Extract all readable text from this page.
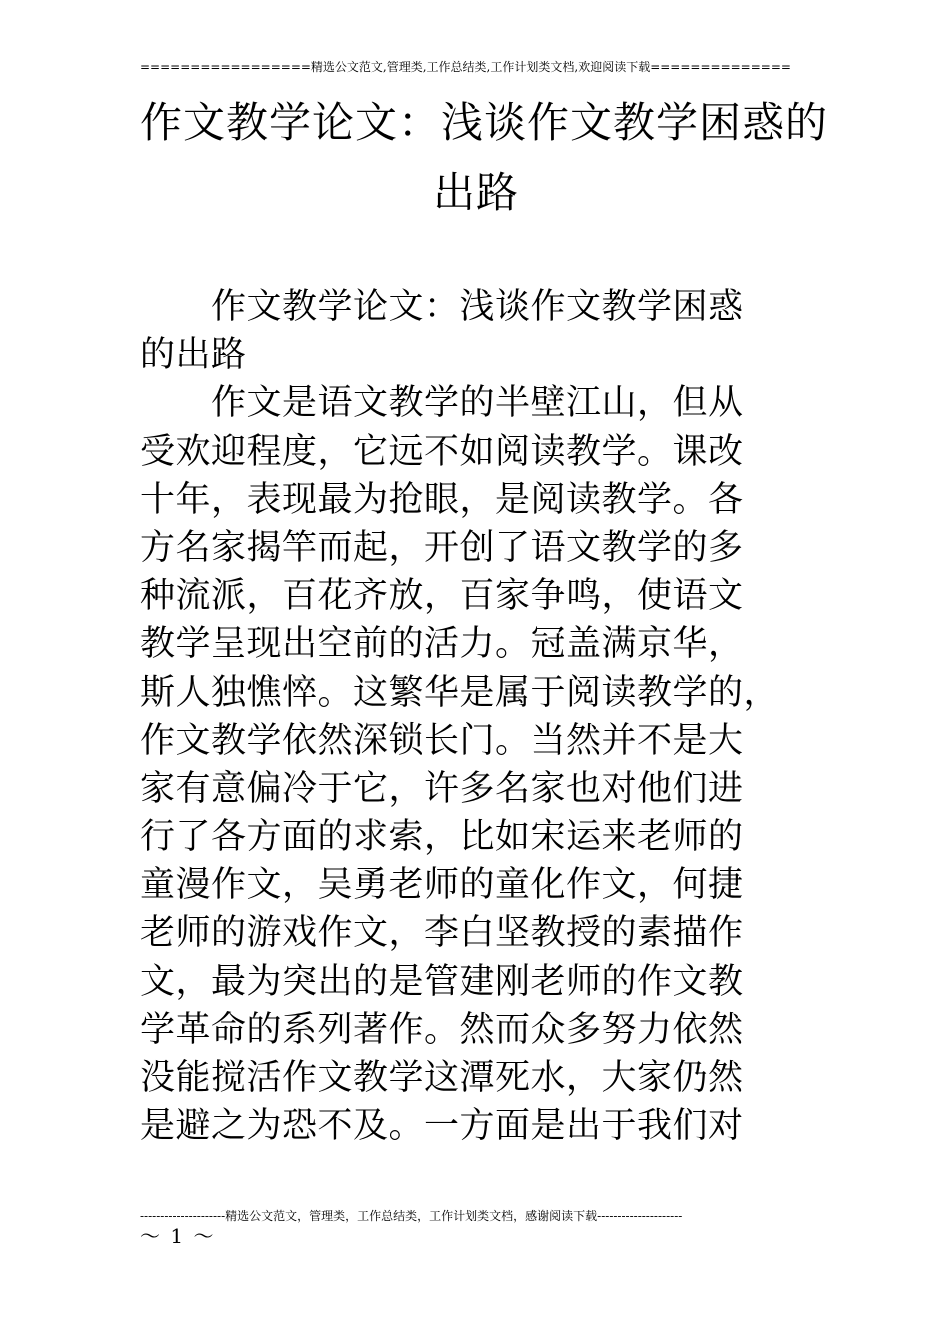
=================精选公文范文,管理类,工作总结类,工作计划类文档,欢迎阅读下载==============
作文教学论文：浅谈作文教学困惑的
出路
　　作文教学论文：浅谈作文教学困惑
的出路
　　作文是语文教学的半壁江山，但从
受欢迎程度，它远不如阅读教学。课改
十年，表现最为抢眼，是阅读教学。各
方名家揭竿而起，开创了语文教学的多
种流派，百花齐放，百家争鸣，使语文
教学呈现出空前的活力。冠盖满京华，
斯人独憔悴。这繁华是属于阅读教学的，
作文教学依然深锁长门。当然并不是大
家有意偏冷于它，许多名家也对他们进
行了各方面的求索，比如宋运来老师的
童漫作文，吴勇老师的童化作文，何捷
老师的游戏作文，李白坚教授的素描作
文，最为突出的是管建刚老师的作文教
学革命的系列著作。然而众多努力依然
没能搅活作文教学这潭死水，大家仍然
是避之为恐不及。一方面是出于我们对
---------------------精选公文范文，管理类，工作总结类，工作计划类文档，感谢阅读下载---------------------
～ 1 ～
